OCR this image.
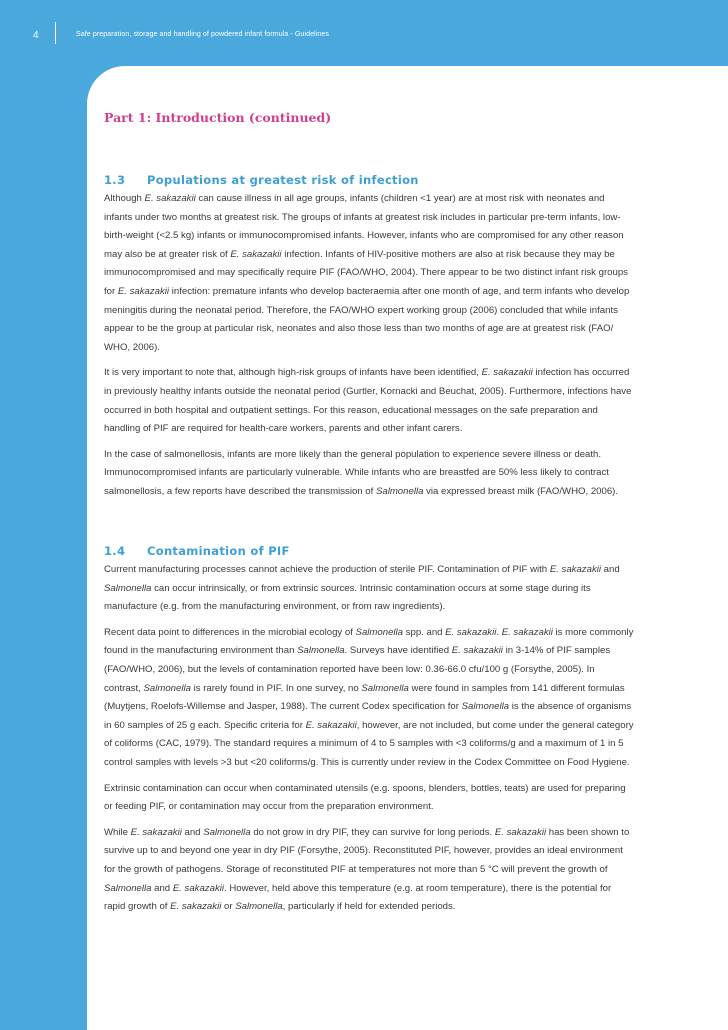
4	Safe preparation, storage and handling of powdered infant formula - Guidelines
Part 1: Introduction (continued)
1.3 Populations at greatest risk of infection

Although E. sakazakii can cause illness in all age groups, infants (children <1 year) are at most risk with neonates and infants under two months at greatest risk. The groups of infants at greatest risk includes in particular pre-term infants, low-birth-weight (<2.5 kg) infants or immunocompromised infants. However, infants who are compromised for any other reason may also be at greater risk of E. sakazakii infection. Infants of HIV-positive mothers are also at risk because they may be immunocompromised and may specifically require PIF (FAO/WHO, 2004). There appear to be two distinct infant risk groups for E. sakazakii infection: premature infants who develop bacteraemia after one month of age, and term infants who develop meningitis during the neonatal period. Therefore, the FAO/WHO expert working group (2006) concluded that while infants appear to be the group at particular risk, neonates and also those less than two months of age are at greatest risk (FAO/ WHO, 2006).

It is very important to note that, although high-risk groups of infants have been identified, E. sakazakii infection has occurred in previously healthy infants outside the neonatal period (Gurtler, Kornacki and Beuchat, 2005). Furthermore, infections have occurred in both hospital and outpatient settings. For this reason, educational messages on the safe preparation and handling of PIF are required for health-care workers, parents and other infant carers.

In the case of salmonellosis, infants are more likely than the general population to experience severe illness or death. Immunocompromised infants are particularly vulnerable. While infants who are breastfed are 50% less likely to contract salmonellosis, a few reports have described the transmission of Salmonella via expressed breast milk (FAO/WHO, 2006).

1.4 Contamination of PIF

Current manufacturing processes cannot achieve the production of sterile PIF. Contamination of PIF with E. sakazakii and Salmonella can occur intrinsically, or from extrinsic sources. Intrinsic contamination occurs at some stage during its manufacture (e.g. from the manufacturing environment, or from raw ingredients).

Recent data point to differences in the microbial ecology of Salmonella spp. and E. sakazakii. E. sakazakii is more commonly found in the manufacturing environment than Salmonella. Surveys have identified E. sakazakii in 3-14% of PIF samples (FAO/WHO, 2006), but the levels of contamination reported have been low: 0.36-66.0 cfu/100 g (Forsythe, 2005). In contrast, Salmonella is rarely found in PIF. In one survey, no Salmonella were found in samples from 141 different formulas (Muytjens, Roelofs-Willemse and Jasper, 1988). The current Codex specification for Salmonella is the absence of organisms in 60 samples of 25 g each. Specific criteria for E. sakazakii, however, are not included, but come under the general category of coliforms (CAC, 1979). The standard requires a minimum of 4 to 5 samples with <3 coliforms/g and a maximum of 1 in 5 control samples with levels >3 but <20 coliforms/g. This is currently under review in the Codex Committee on Food Hygiene.

Extrinsic contamination can occur when contaminated utensils (e.g. spoons, blenders, bottles, teats) are used for preparing or feeding PIF, or contamination may occur from the preparation environment.

While E. sakazakii and Salmonella do not grow in dry PIF, they can survive for long periods. E. sakazakii has been shown to survive up to and beyond one year in dry PIF (Forsythe, 2005). Reconstituted PIF, however, provides an ideal environment for the growth of pathogens. Storage of reconstituted PIF at temperatures not more than 5 °C will prevent the growth of Salmonella and E. sakazakii. However, held above this temperature (e.g. at room temperature), there is the potential for rapid growth of E. sakazakii or Salmonella, particularly if held for extended periods.
